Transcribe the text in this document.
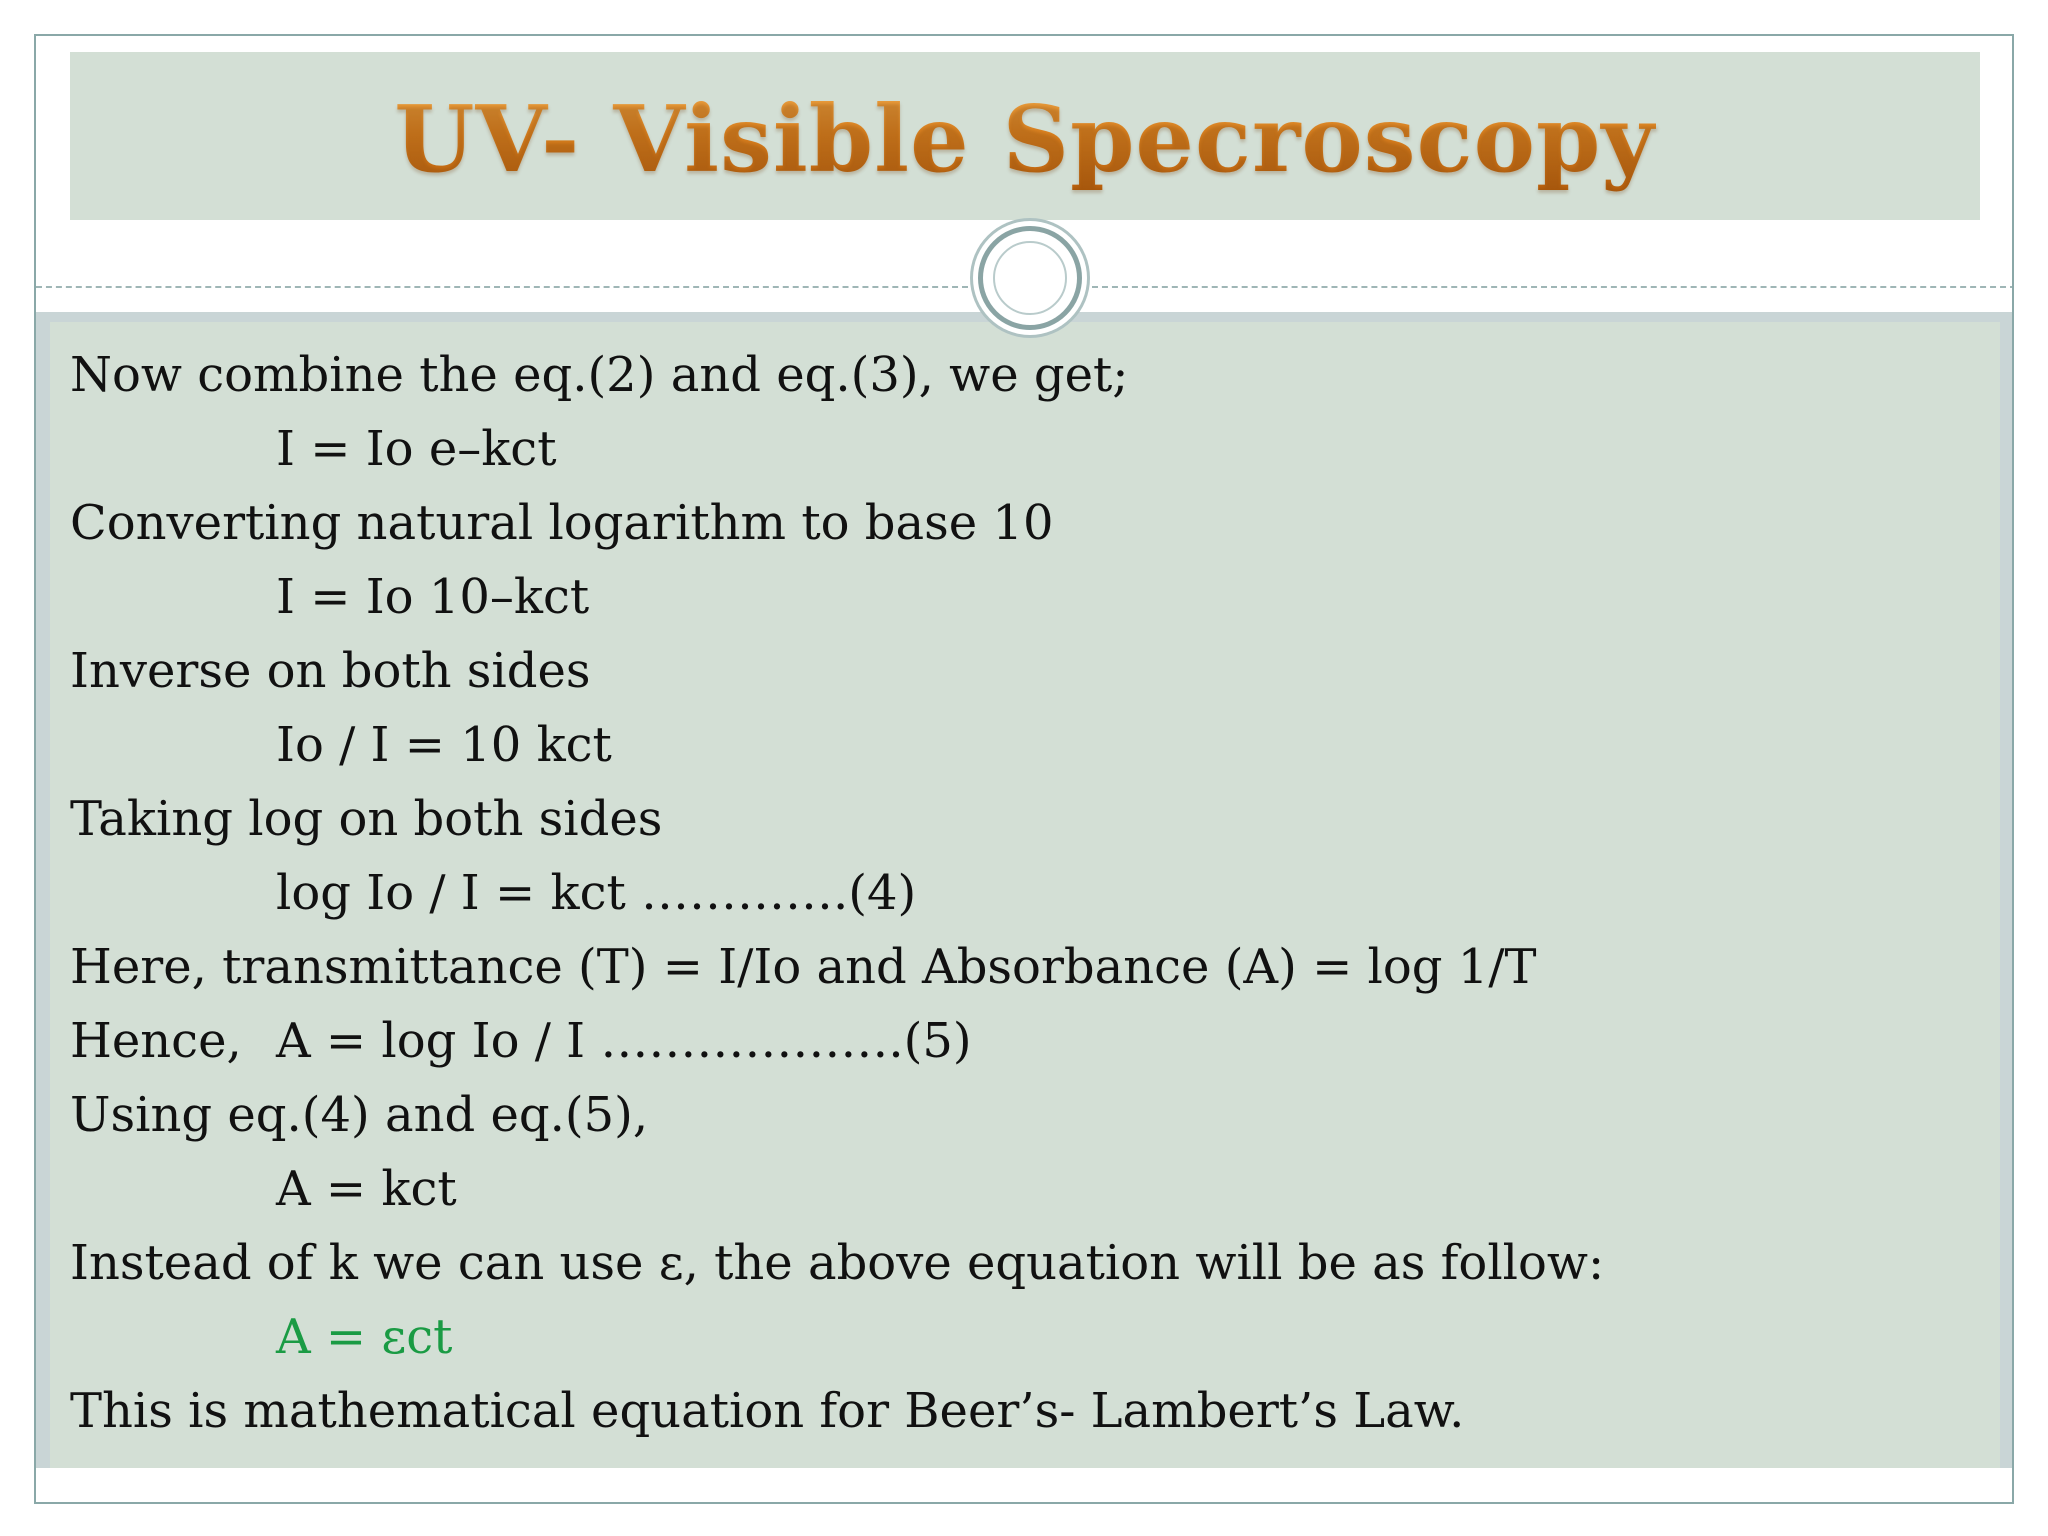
UV- Visible Specroscopy
Now combine the eq.(2) and eq.(3), we get;
I = Io e–kct
Converting natural logarithm to base 10
I = Io 10–kct
Inverse on both sides
Io / I = 10 kct
Taking log on both sides
log Io / I = kct ………….(4)
Here, transmittance (T) = I/Io and Absorbance (A) = log 1/T
Hence, A = log Io / I ……………….(5)
Using eq.(4) and eq.(5),
A = kct
Instead of k we can use ε, the above equation will be as follow:
A = εct
This is mathematical equation for Beer’s- Lambert’s Law.
